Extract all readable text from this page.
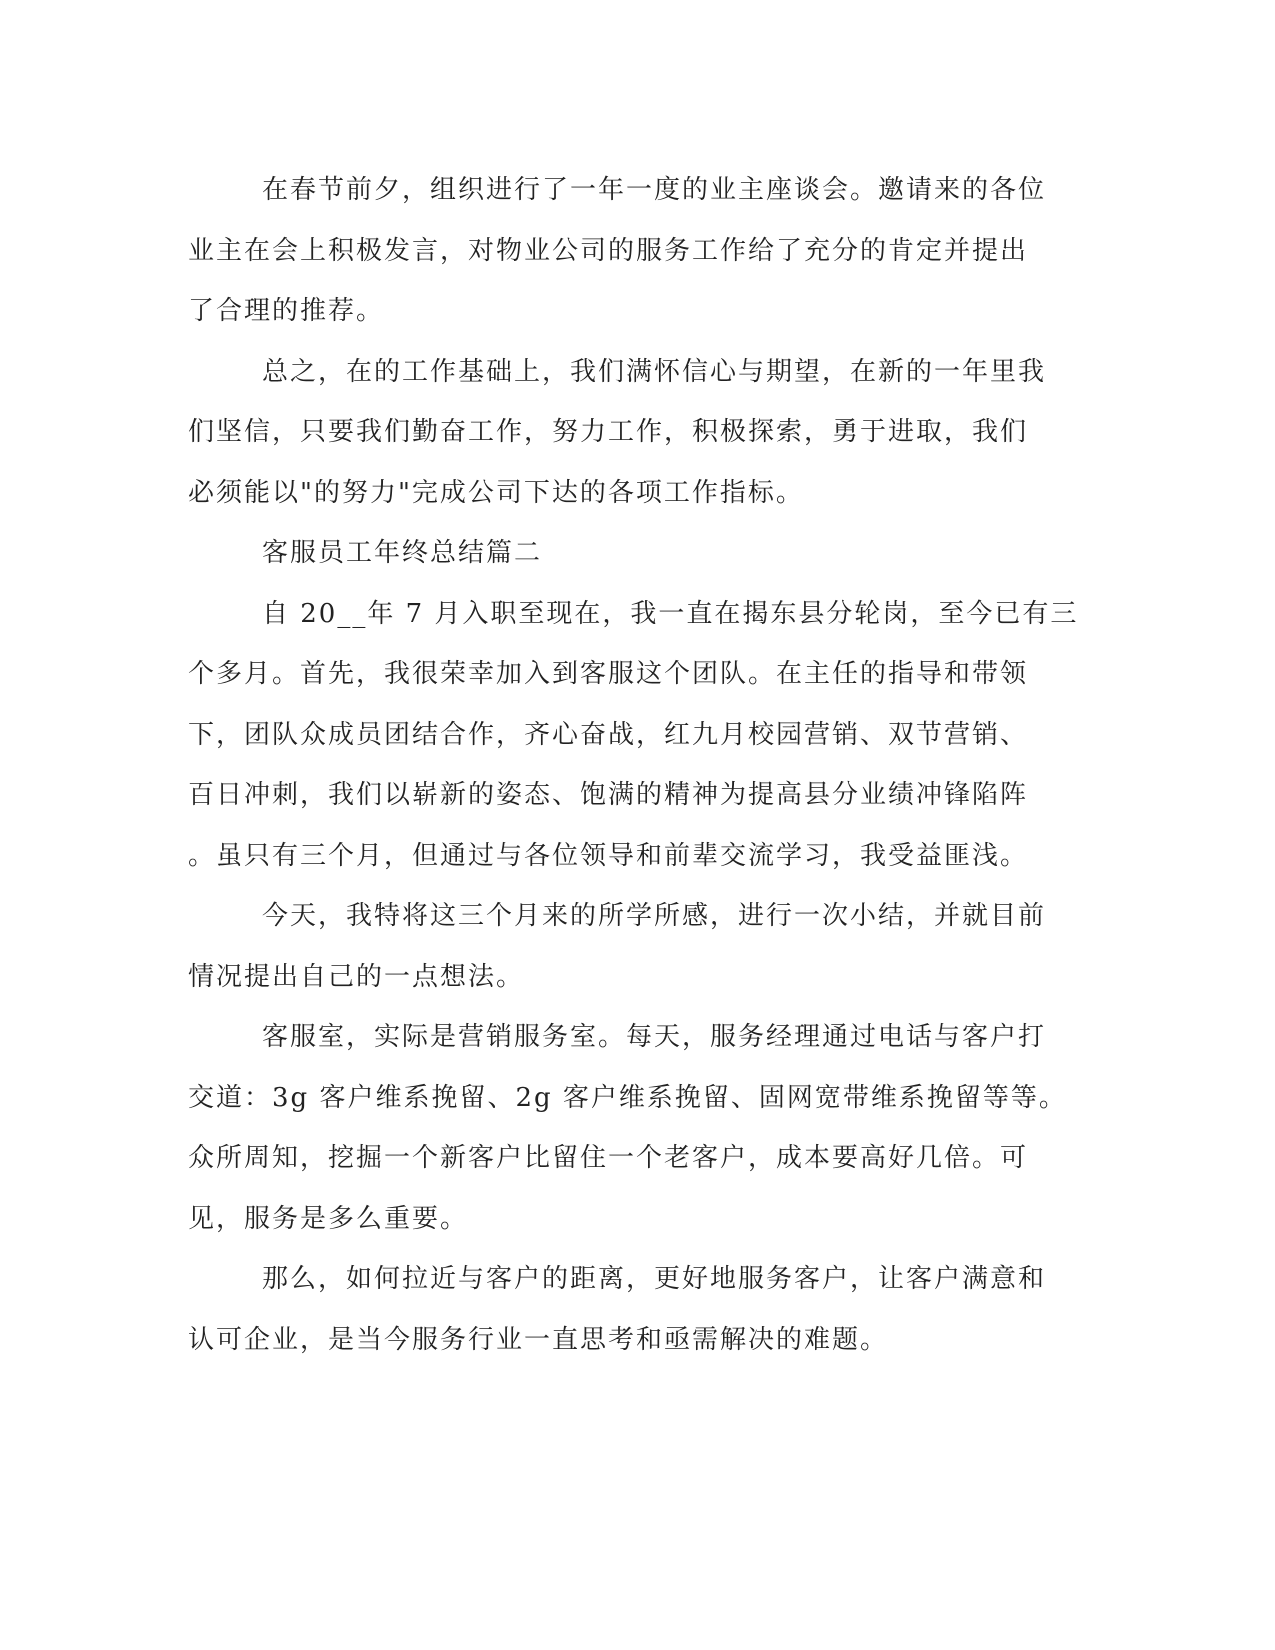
在春节前夕，组织进行了一年一度的业主座谈会。邀请来的各位
业主在会上积极发言，对物业公司的服务工作给了充分的肯定并提出
了合理的推荐。
总之，在的工作基础上，我们满怀信心与期望，在新的一年里我
们坚信，只要我们勤奋工作，努力工作，积极探索，勇于进取，我们
必须能以"的努力"完成公司下达的各项工作指标。
客服员工年终总结篇二
自 20__年 7 月入职至现在，我一直在揭东县分轮岗，至今已有三
个多月。首先，我很荣幸加入到客服这个团队。在主任的指导和带领
下，团队众成员团结合作，齐心奋战，红九月校园营销、双节营销、
百日冲刺，我们以崭新的姿态、饱满的精神为提高县分业绩冲锋陷阵
。虽只有三个月，但通过与各位领导和前辈交流学习，我受益匪浅。
今天，我特将这三个月来的所学所感，进行一次小结，并就目前
情况提出自己的一点想法。
客服室，实际是营销服务室。每天，服务经理通过电话与客户打
交道：3g 客户维系挽留、2g 客户维系挽留、固网宽带维系挽留等等。
众所周知，挖掘一个新客户比留住一个老客户，成本要高好几倍。可
见，服务是多么重要。
那么，如何拉近与客户的距离，更好地服务客户，让客户满意和
认可企业，是当今服务行业一直思考和亟需解决的难题。
